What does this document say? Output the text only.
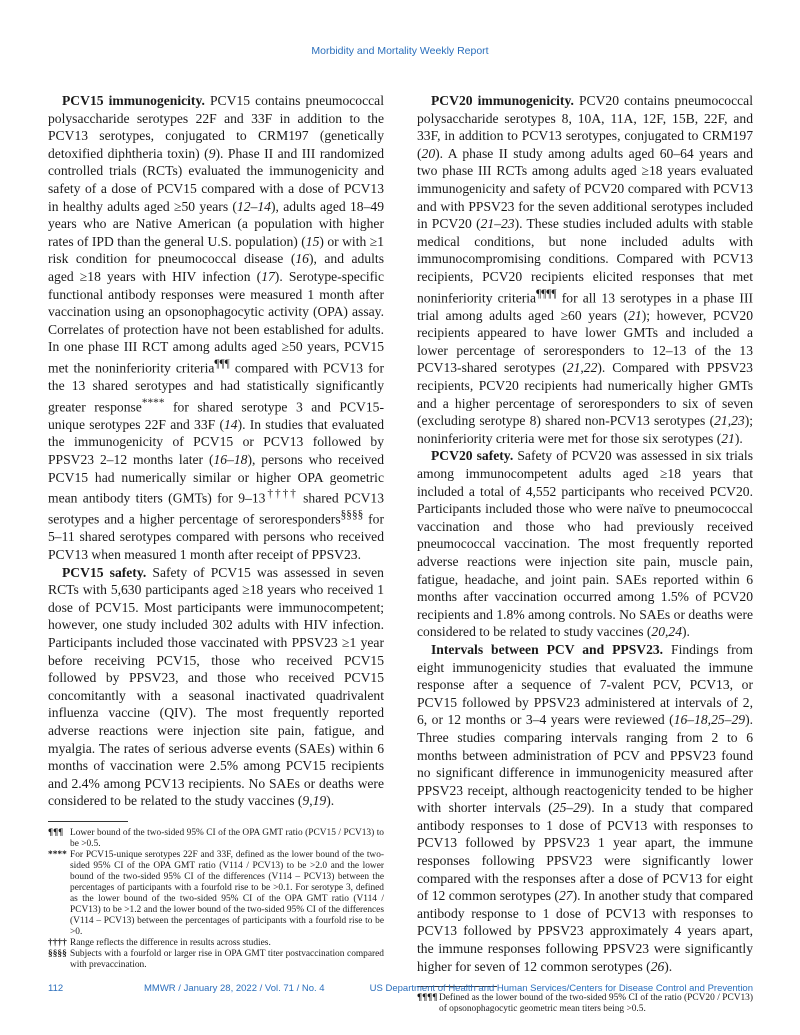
Morbidity and Mortality Weekly Report

PCV15 immunogenicity. PCV15 contains pneumococcal polysaccharide serotypes 22F and 33F in addition to the PCV13 serotypes, conjugated to CRM197 (genetically detoxified diphtheria toxin) (9). Phase II and III randomized controlled trials (RCTs) evaluated the immunogenicity and safety of a dose of PCV15 compared with a dose of PCV13 in healthy adults aged ≥50 years (12–14), adults aged 18–49 years who are Native American (a population with higher rates of IPD than the general U.S. population) (15) or with ≥1 risk condition for pneumococcal disease (16), and adults aged ≥18 years with HIV infection (17). Serotype-specific functional antibody responses were measured 1 month after vaccination using an opsonophagocytic activity (OPA) assay. Correlates of protection have not been established for adults. In one phase III RCT among adults aged ≥50 years, PCV15 met the noninferiority criteria¶¶¶ compared with PCV13 for the 13 shared serotypes and had statistically significantly greater response**** for shared serotype 3 and PCV15-unique serotypes 22F and 33F (14). In studies that evaluated the immunogenicity of PCV15 or PCV13 followed by PPSV23 2–12 months later (16–18), persons who received PCV15 had numerically similar or higher OPA geometric mean antibody titers (GMTs) for 9–13†††† shared PCV13 serotypes and a higher percentage of seroresponders§§§§ for 5–11 shared serotypes compared with persons who received PCV13 when measured 1 month after receipt of PPSV23.

PCV15 safety. Safety of PCV15 was assessed in seven RCTs with 5,630 participants aged ≥18 years who received 1 dose of PCV15. Most participants were immunocompetent; however, one study included 302 adults with HIV infection. Participants included those vaccinated with PPSV23 ≥1 year before receiving PCV15, those who received PCV15 followed by PPSV23, and those who received PCV15 concomitantly with a seasonal inactivated quadrivalent influenza vaccine (QIV). The most frequently reported adverse reactions were injection site pain, fatigue, and myalgia. The rates of serious adverse events (SAEs) within 6 months of vaccination were 2.5% among PCV15 recipients and 2.4% among PCV13 recipients. No SAEs or deaths were considered to be related to the study vaccines (9,19).

¶¶¶ Lower bound of the two-sided 95% CI of the OPA GMT ratio (PCV15 / PCV13) to be >0.5.
**** For PCV15-unique serotypes 22F and 33F, defined as the lower bound of the two-sided 95% CI of the OPA GMT ratio (V114 / PCV13) to be >2.0 and the lower bound of the two-sided 95% CI of the differences (V114 – PCV13) between the percentages of participants with a fourfold rise to be >0.1. For serotype 3, defined as the lower bound of the two-sided 95% CI of the OPA GMT ratio (V114 / PCV13) to be >1.2 and the lower bound of the two-sided 95% CI of the differences (V114 – PCV13) between the percentages of participants with a fourfold rise to be >0.
†††† Range reflects the difference in results across studies.
§§§§ Subjects with a fourfold or larger rise in OPA GMT titer postvaccination compared with prevaccination.

PCV20 immunogenicity. PCV20 contains pneumococcal polysaccharide serotypes 8, 10A, 11A, 12F, 15B, 22F, and 33F, in addition to PCV13 serotypes, conjugated to CRM197 (20). A phase II study among adults aged 60–64 years and two phase III RCTs among adults aged ≥18 years evaluated immunogenicity and safety of PCV20 compared with PCV13 and with PPSV23 for the seven additional serotypes included in PCV20 (21–23). These studies included adults with stable medical conditions, but none included adults with immunocompromising conditions. Compared with PCV13 recipients, PCV20 recipients elicited responses that met noninferiority criteria¶¶¶¶ for all 13 serotypes in a phase III trial among adults aged ≥60 years (21); however, PCV20 recipients appeared to have lower GMTs and included a lower percentage of seroresponders to 12–13 of the 13 PCV13-shared serotypes (21,22). Compared with PPSV23 recipients, PCV20 recipients had numerically higher GMTs and a higher percentage of seroresponders to six of seven (excluding serotype 8) shared non-PCV13 serotypes (21,23); noninferiority criteria were met for those six serotypes (21).

PCV20 safety. Safety of PCV20 was assessed in six trials among immunocompetent adults aged ≥18 years that included a total of 4,552 participants who received PCV20. Participants included those who were naïve to pneumococcal vaccination and those who had previously received pneumococcal vaccination. The most frequently reported adverse reactions were injection site pain, muscle pain, fatigue, headache, and joint pain. SAEs reported within 6 months after vaccination occurred among 1.5% of PCV20 recipients and 1.8% among controls. No SAEs or deaths were considered to be related to study vaccines (20,24).

Intervals between PCV and PPSV23. Findings from eight immunogenicity studies that evaluated the immune response after a sequence of 7-valent PCV, PCV13, or PCV15 followed by PPSV23 administered at intervals of 2, 6, or 12 months or 3–4 years were reviewed (16–18,25–29). Three studies comparing intervals ranging from 2 to 6 months between administration of PCV and PPSV23 found no significant difference in immunogenicity measured after PPSV23 receipt, although reactogenicity tended to be higher with shorter intervals (25–29). In a study that compared antibody responses to 1 dose of PCV13 with responses to PCV13 followed by PPSV23 1 year apart, the immune responses following PPSV23 were significantly lower compared with the responses after a dose of PCV13 for eight of 12 common serotypes (27). In another study that compared antibody response to 1 dose of PCV13 with responses to PCV13 followed by PPSV23 approximately 4 years apart, the immune responses following PPSV23 were significantly higher for seven of 12 common serotypes (26).

¶¶¶¶ Defined as the lower bound of the two-sided 95% CI of the ratio (PCV20 / PCV13) of opsonophagocytic geometric mean titers being >0.5.
112	MMWR / January 28, 2022 / Vol. 71 / No. 4	US Department of Health and Human Services/Centers for Disease Control and Prevention
